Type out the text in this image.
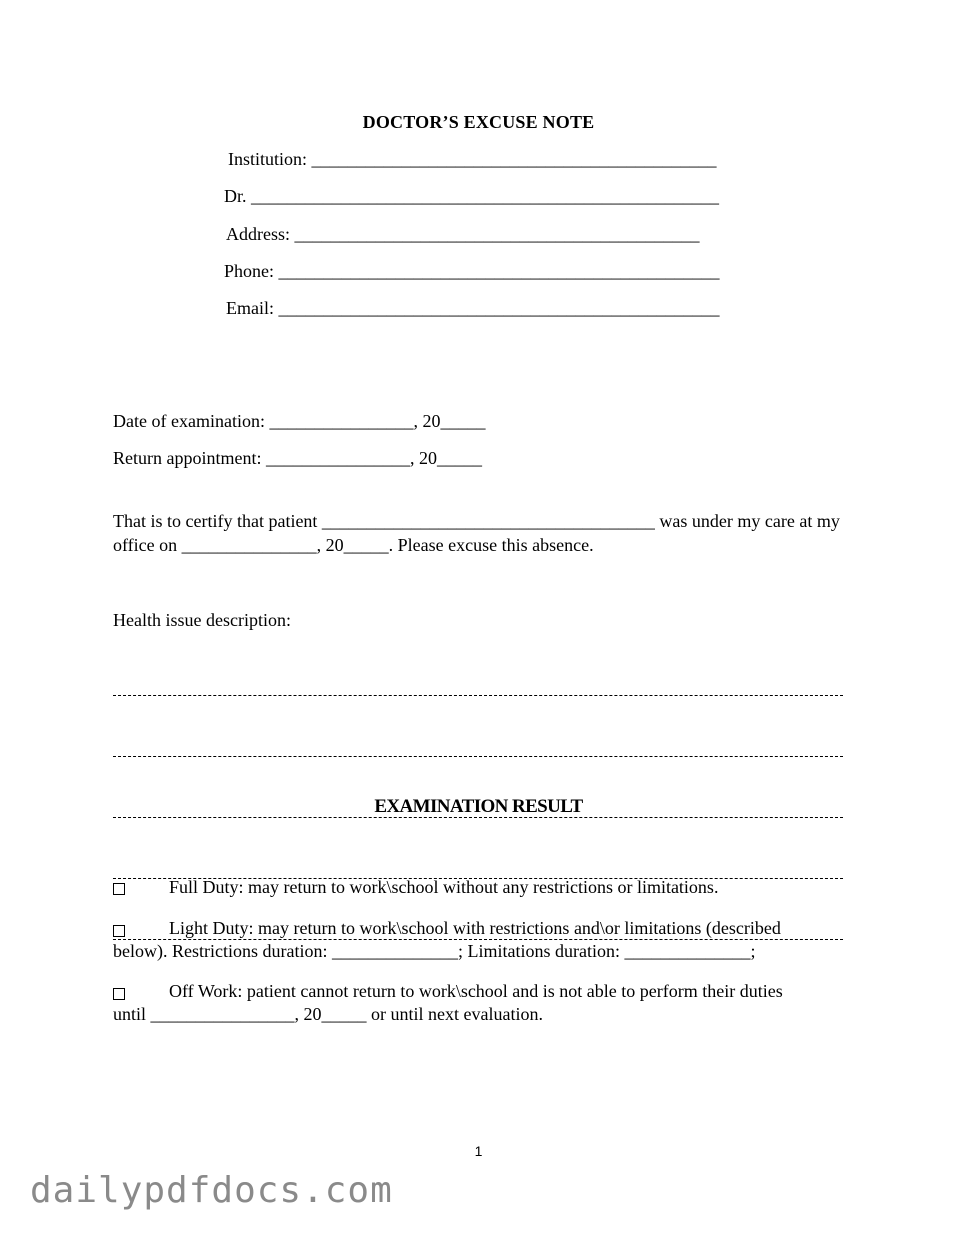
DOCTOR’S EXCUSE NOTE
Institution: _____________________________________________
Dr. ____________________________________________________
Address: _____________________________________________
Phone: _________________________________________________
Email: _________________________________________________
Date of examination: ________________, 20_____
Return appointment: ________________, 20_____
That is to certify that patient _____________________________________ was under my care at my
office on _______________, 20_____. Please excuse this absence.
Health issue description:

EXAMINATION RESULT
Full Duty: may return to work\school without any restrictions or limitations.
Light Duty: may return to work\school with restrictions and\or limitations (described
below). Restrictions duration: ______________; Limitations duration: ______________;
Off Work: patient cannot return to work\school and is not able to perform their duties
until ________________, 20_____ or until next evaluation.
1
dailypdfdocs.com
